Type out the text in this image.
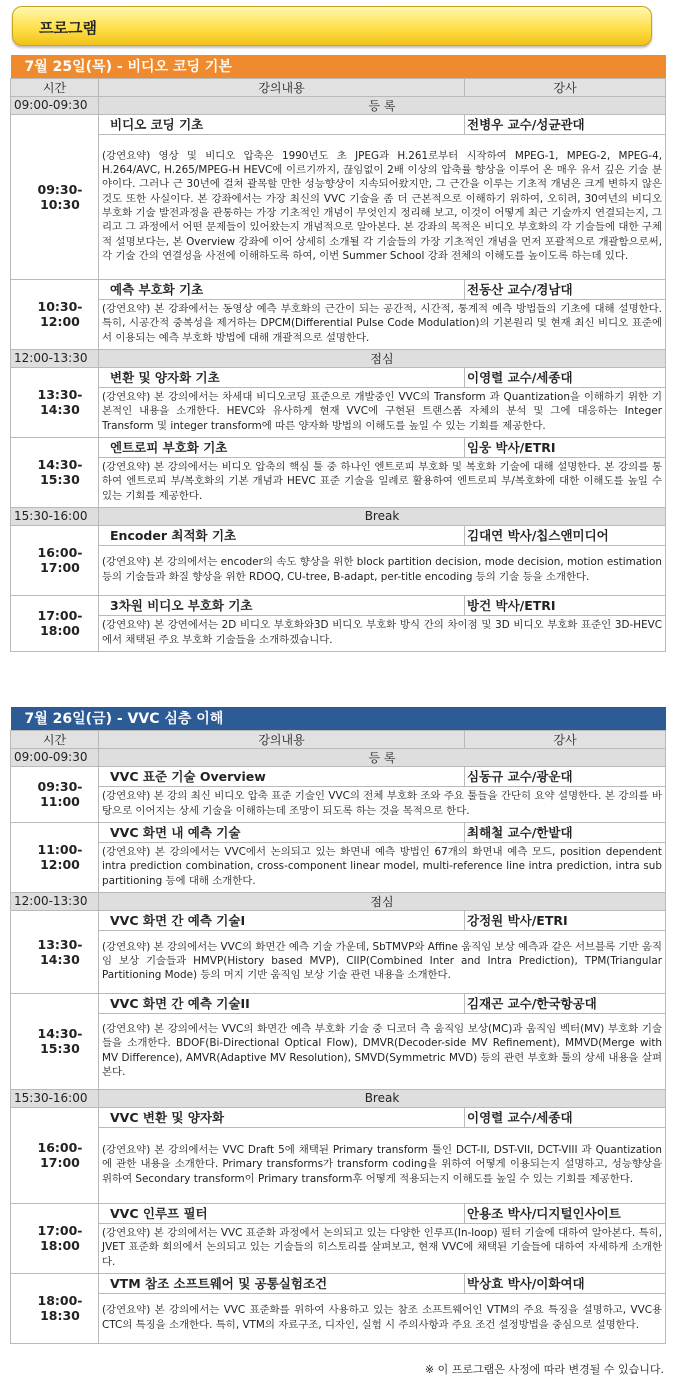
프로그램
7월 25일(목) - 비디오 코딩 기본		
시간	강의내용	강사
09:00-09:30	등 록	
09:30-10:30	비디오 코딩 기초	전병우 교수/성균관대
	(강연요약) 영상 및 비디오 압축은 1990년도 초 JPEG과 H.261로부터 시작하여 MPEG-1, MPEG-2, MPEG-4, H.264/AVC, H.265/MPEG-H HEVC에 이르기까지, 끊임없이 2배 이상의 압축률 향상을 이루어 온 매우 유서 깊은 기술 분야이다. 그러나 근 30년에 걸쳐 괄목할 만한 성능향상이 지속되어왔지만, 그 근간을 이루는 기초적 개념은 크게 변하지 않은 것도 또한 사실이다. 본 강좌에서는 가장 최신의 VVC 기술을 좀 더 근본적으로 이해하기 위하여, 오히려, 30여년의 비디오 부호화 기술 발전과정을 관통하는 가장 기초적인 개념이 무엇인지 정리해 보고, 이것이 어떻게 최근 기술까지 연결되는지, 그리고 그 과정에서 어떤 문제들이 있어왔는지 개념적으로 알아본다. 본 강좌의 목적은 비디오 부호화의 각 기술들에 대한 구체적 설명보다는, 본 Overview 강좌에 이어 상세히 소개될 각 기술들의 가장 기초적인 개념을 먼저 포괄적으로 개괄함으로써, 각 기술 간의 연결성을 사전에 이해하도록 하여, 이번 Summer School 강좌 전체의 이해도를 높이도록 하는데 있다.	
10:30-12:00	예측 부호화 기초	전동산 교수/경남대
	(강연요약) 본 강좌에서는 동영상 예측 부호화의 근간이 되는 공간적, 시간적, 통계적 예측 방법들의 기초에 대해 설명한다. 특히, 시공간적 중복성을 제거하는 DPCM(Differential Pulse Code Modulation)의 기본원리 및 현재 최신 비디오 표준에서 이용되는 예측 부호화 방법에 대해 개괄적으로 설명한다.	
12:00-13:30	점심	
13:30-14:30	변환 및 양자화 기초	이영렬 교수/세종대
	(강연요약) 본 강의에서는 차세대 비디오코딩 표준으로 개발중인 VVC의 Transform 과 Quantization을 이해하기 위한 기본적인 내용을 소개한다. HEVC와 유사하게 현재 VVC에 구현된 트랜스폼 자체의 분석 및 그에 대응하는 Integer Transform 및 integer transform에 따른 양자화 방법의 이해도를 높일 수 있는 기회를 제공한다.	
14:30-15:30	엔트로피 부호화 기초	임웅 박사/ETRI
	(강연요약) 본 강의에서는 비디오 압축의 핵심 툴 중 하나인 엔트로피 부호화 및 복호화 기술에 대해 설명한다. 본 강의를 통하여 엔트로피 부/복호화의 기본 개념과 HEVC 표준 기술을 일례로 활용하여 엔트로피 부/복호화에 대한 이해도를 높일 수 있는 기회를 제공한다.	
15:30-16:00	Break	
16:00-17:00	Encoder 최적화 기초	김대연 박사/칩스앤미디어
	(강연요약) 본 강의에서는 encoder의 속도 향상을 위한 block partition decision, mode decision, motion estimation 등의 기술들과 화질 향상을 위한 RDOQ, CU-tree, B-adapt, per-title encoding 등의 기술 등을 소개한다.	
17:00-18:00	3차원 비디오 부호화 기초	방건 박사/ETRI
	(강연요약) 본 강연에서는 2D 비디오 부호화와3D 비디오 부호화 방식 간의 차이점 및 3D 비디오 부호화 표준인 3D-HEVC에서 채택된 주요 부호화 기술들을 소개하겠습니다.	
7월 26일(금) - VVC 심층 이해		
시간	강의내용	강사
09:00-09:30	등 록	
09:30-11:00	VVC 표준 기술 Overview	심동규 교수/광운대
	(강연요약) 본 강의 최신 비디오 압축 표준 기술인 VVC의 전체 부호화 조와 주요 툴들을 간단히 요약 설명한다. 본 강의를 바탕으로 이어지는 상세 기술을 이해하는데 조망이 되도록 하는 것을 목적으로 한다.	
11:00-12:00	VVC 화면 내 예측 기술	최해철 교수/한밭대
	(강연요약) 본 강의에서는 VVC에서 논의되고 있는 화면내 예측 방법인 67개의 화면내 예측 모드, position dependent intra prediction combination, cross-component linear model, multi-reference line intra prediction, intra sub partitioning 등에 대해 소개한다.	
12:00-13:30	점심	
13:30-14:30	VVC 화면 간 예측 기술I	강정원 박사/ETRI
	(강연요약) 본 강의에서는 VVC의 화면간 예측 기술 가운데, SbTMVP와 Affine 움직임 보상 예측과 같은 서브블록 기반 움직임 보상 기술들과 HMVP(History based MVP), CIIP(Combined Inter and Intra Prediction), TPM(Triangular Partitioning Mode) 등의 머지 기반 움직임 보상 기술 관련 내용을 소개한다.	
14:30-15:30	VVC 화면 간 예측 기술II	김재곤 교수/한국항공대
	(강연요약) 본 강의에서는 VVC의 화면간 예측 부호화 기술 중 디코더 측 움직임 보상(MC)과 움직임 벡터(MV) 부호화 기술들을 소개한다. BDOF(Bi-Directional Optical Flow), DMVR(Decoder-side MV Refinement), MMVD(Merge with MV Difference), AMVR(Adaptive MV Resolution), SMVD(Symmetric MVD) 등의 관련 부호화 툴의 상세 내용을 살펴본다.	
15:30-16:00	Break	
16:00-17:00	VVC 변환 및 양자화	이영렬 교수/세종대
	(강연요약) 본 강의에서는 VVC Draft 5에 채택된 Primary transform 툴인 DCT-II, DST-VII, DCT-VIII 과 Quantization에 관한 내용을 소개한다. Primary transforms가 transform coding을 위하여 어떻게 이용되는지 설명하고, 성능향상을 위하여 Secondary transform이 Primary transform후 어떻게 적용되는지 이해도를 높일 수 있는 기회를 제공한다.	
17:00-18:00	VVC 인루프 필터	안용조 박사/디지털인사이트
	(강연요약) 본 강의에서는 VVC 표준화 과정에서 논의되고 있는 다양한 인루프(In-loop) 필터 기술에 대하여 알아본다. 특히, JVET 표준화 회의에서 논의되고 있는 기술들의 히스토리를 살펴보고, 현재 VVC에 채택된 기술들에 대하여 자세하게 소개한다.	
18:00-18:30	VTM 참조 소프트웨어 및 공통실험조건	박상효 박사/이화여대
	(강연요약) 본 강의에서는 VVC 표준화를 위하여 사용하고 있는 참조 소프트웨어인 VTM의 주요 특징을 설명하고, VVC용 CTC의 특징을 소개한다. 특히, VTM의 자료구조, 디자인, 실험 시 주의사항과 주요 조건 설정방법을 중심으로 설명한다.	
※ 이 프로그램은 사정에 따라 변경될 수 있습니다.
